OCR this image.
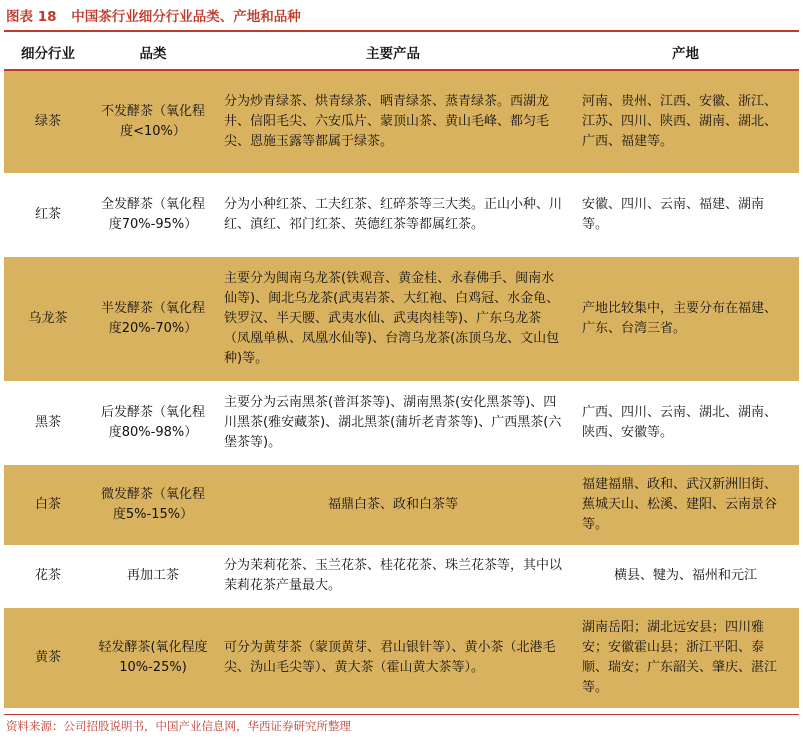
图表 18 中国茶行业细分行业品类、产地和品种
细分行业	品类	主要产品	产地
绿茶	不发酵茶（氧化程度<10%）	分为炒青绿茶、烘青绿茶、晒青绿茶、蒸青绿茶。西湖龙井、信阳毛尖、六安瓜片、蒙顶山茶、黄山毛峰、都匀毛尖、恩施玉露等都属于绿茶。	河南、贵州、江西、安徽、浙江、江苏、四川、陕西、湖南、湖北、广西、福建等。
红茶	全发酵茶（氧化程度70%-95%）	分为小种红茶、工夫红茶、红碎茶等三大类。正山小种、川红、滇红、祁门红茶、英德红茶等都属红茶。	安徽、四川、云南、福建、湖南等。
乌龙茶	半发酵茶（氧化程度20%-70%）	主要分为闽南乌龙茶(铁观音、黄金桂、永春佛手、闽南水仙等)、闽北乌龙茶(武夷岩茶、大红袍、白鸡冠、水金龟、铁罗汉、半天腰、武夷水仙、武夷肉桂等)、广东乌龙茶（凤凰单枞、凤凰水仙等)、台湾乌龙茶(冻顶乌龙、文山包种)等。	产地比较集中，主要分布在福建、广东、台湾三省。
黑茶	后发酵茶（氧化程度80%-98%）	主要分为云南黑茶(普洱茶等)、湖南黑茶(安化黑茶等)、四川黑茶(雅安藏茶)、湖北黑茶(蒲圻老青茶等)、广西黑茶(六堡茶等)。	广西、四川、云南、湖北、湖南、陕西、安徽等。
白茶	微发酵茶（氧化程度5%-15%）	福鼎白茶、政和白茶等	福建福鼎、政和、武汉新洲旧街、蕉城天山、松溪、建阳、云南景谷等。
花茶	再加工茶	分为茉莉花茶、玉兰花茶、桂花花茶、珠兰花茶等，其中以茉莉花茶产量最大。	横县、犍为、福州和元江
黄茶	轻发酵茶(氧化程度 10%-25%)	可分为黄芽茶（蒙顶黄芽、君山银针等）、黄小茶（北港毛尖、沩山毛尖等）、黄大茶（霍山黄大茶等）。	湖南岳阳；湖北远安县；四川雅安；安徽霍山县；浙江平阳、泰顺、瑞安；广东韶关、肇庆、湛江等。
资料来源：公司招股说明书，中国产业信息网，华西证券研究所整理
